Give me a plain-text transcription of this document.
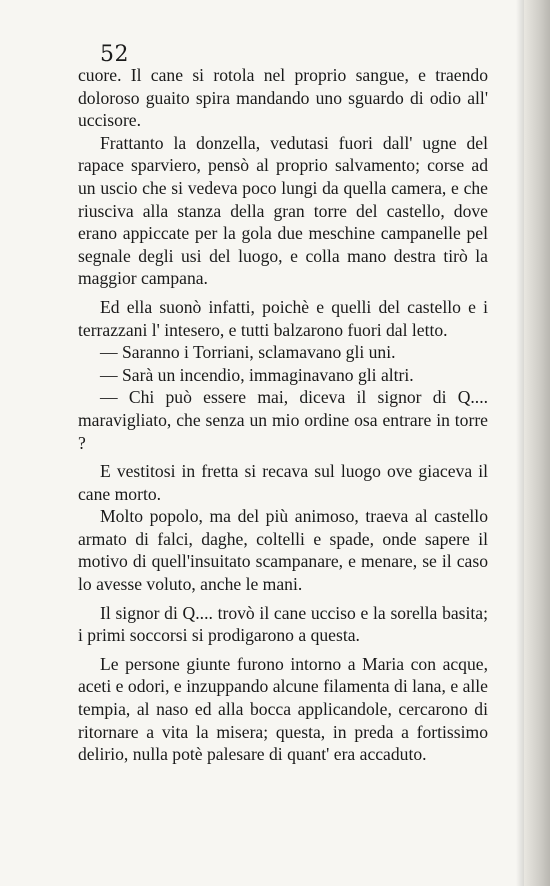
52

cuore. Il cane si rotola nel proprio sangue, e traendo doloroso guaito spira mandando uno sguardo di odio all' uccisore.

Frattanto la donzella, vedutasi fuori dall' ugne del rapace sparviero, pensò al proprio salvamento; corse ad un uscio che si vedeva poco lungi da quella camera, e che riusciva alla stanza della gran torre del castello, dove erano appiccate per la gola due meschine campanelle pel segnale degli usi del luogo, e colla mano destra tirò la maggior campana.

Ed ella suonò infatti, poichè e quelli del castello e i terrazzani l' intesero, e tutti balzarono fuori dal letto.

— Saranno i Torriani, sclamavano gli uni.

— Sarà un incendio, immaginavano gli altri.

— Chi può essere mai, diceva il signor di Q.... maravigliato, che senza un mio ordine osa entrare in torre ?

E vestitosi in fretta si recava sul luogo ove giaceva il cane morto.

Molto popolo, ma del più animoso, traeva al castello armato di falci, daghe, coltelli e spade, onde sapere il motivo di quell'insuitato scampanare, e menare, se il caso lo avesse voluto, anche le mani.

Il signor di Q.... trovò il cane ucciso e la sorella basita; i primi soccorsi si prodigarono a questa.

Le persone giunte furono intorno a Maria con acque, aceti e odori, e inzuppando alcune filamenta di lana, e alle tempia, al naso ed alla bocca applicandole, cercarono di ritornare a vita la misera; questa, in preda a fortissimo delirio, nulla potè palesare di quant' era accaduto.
